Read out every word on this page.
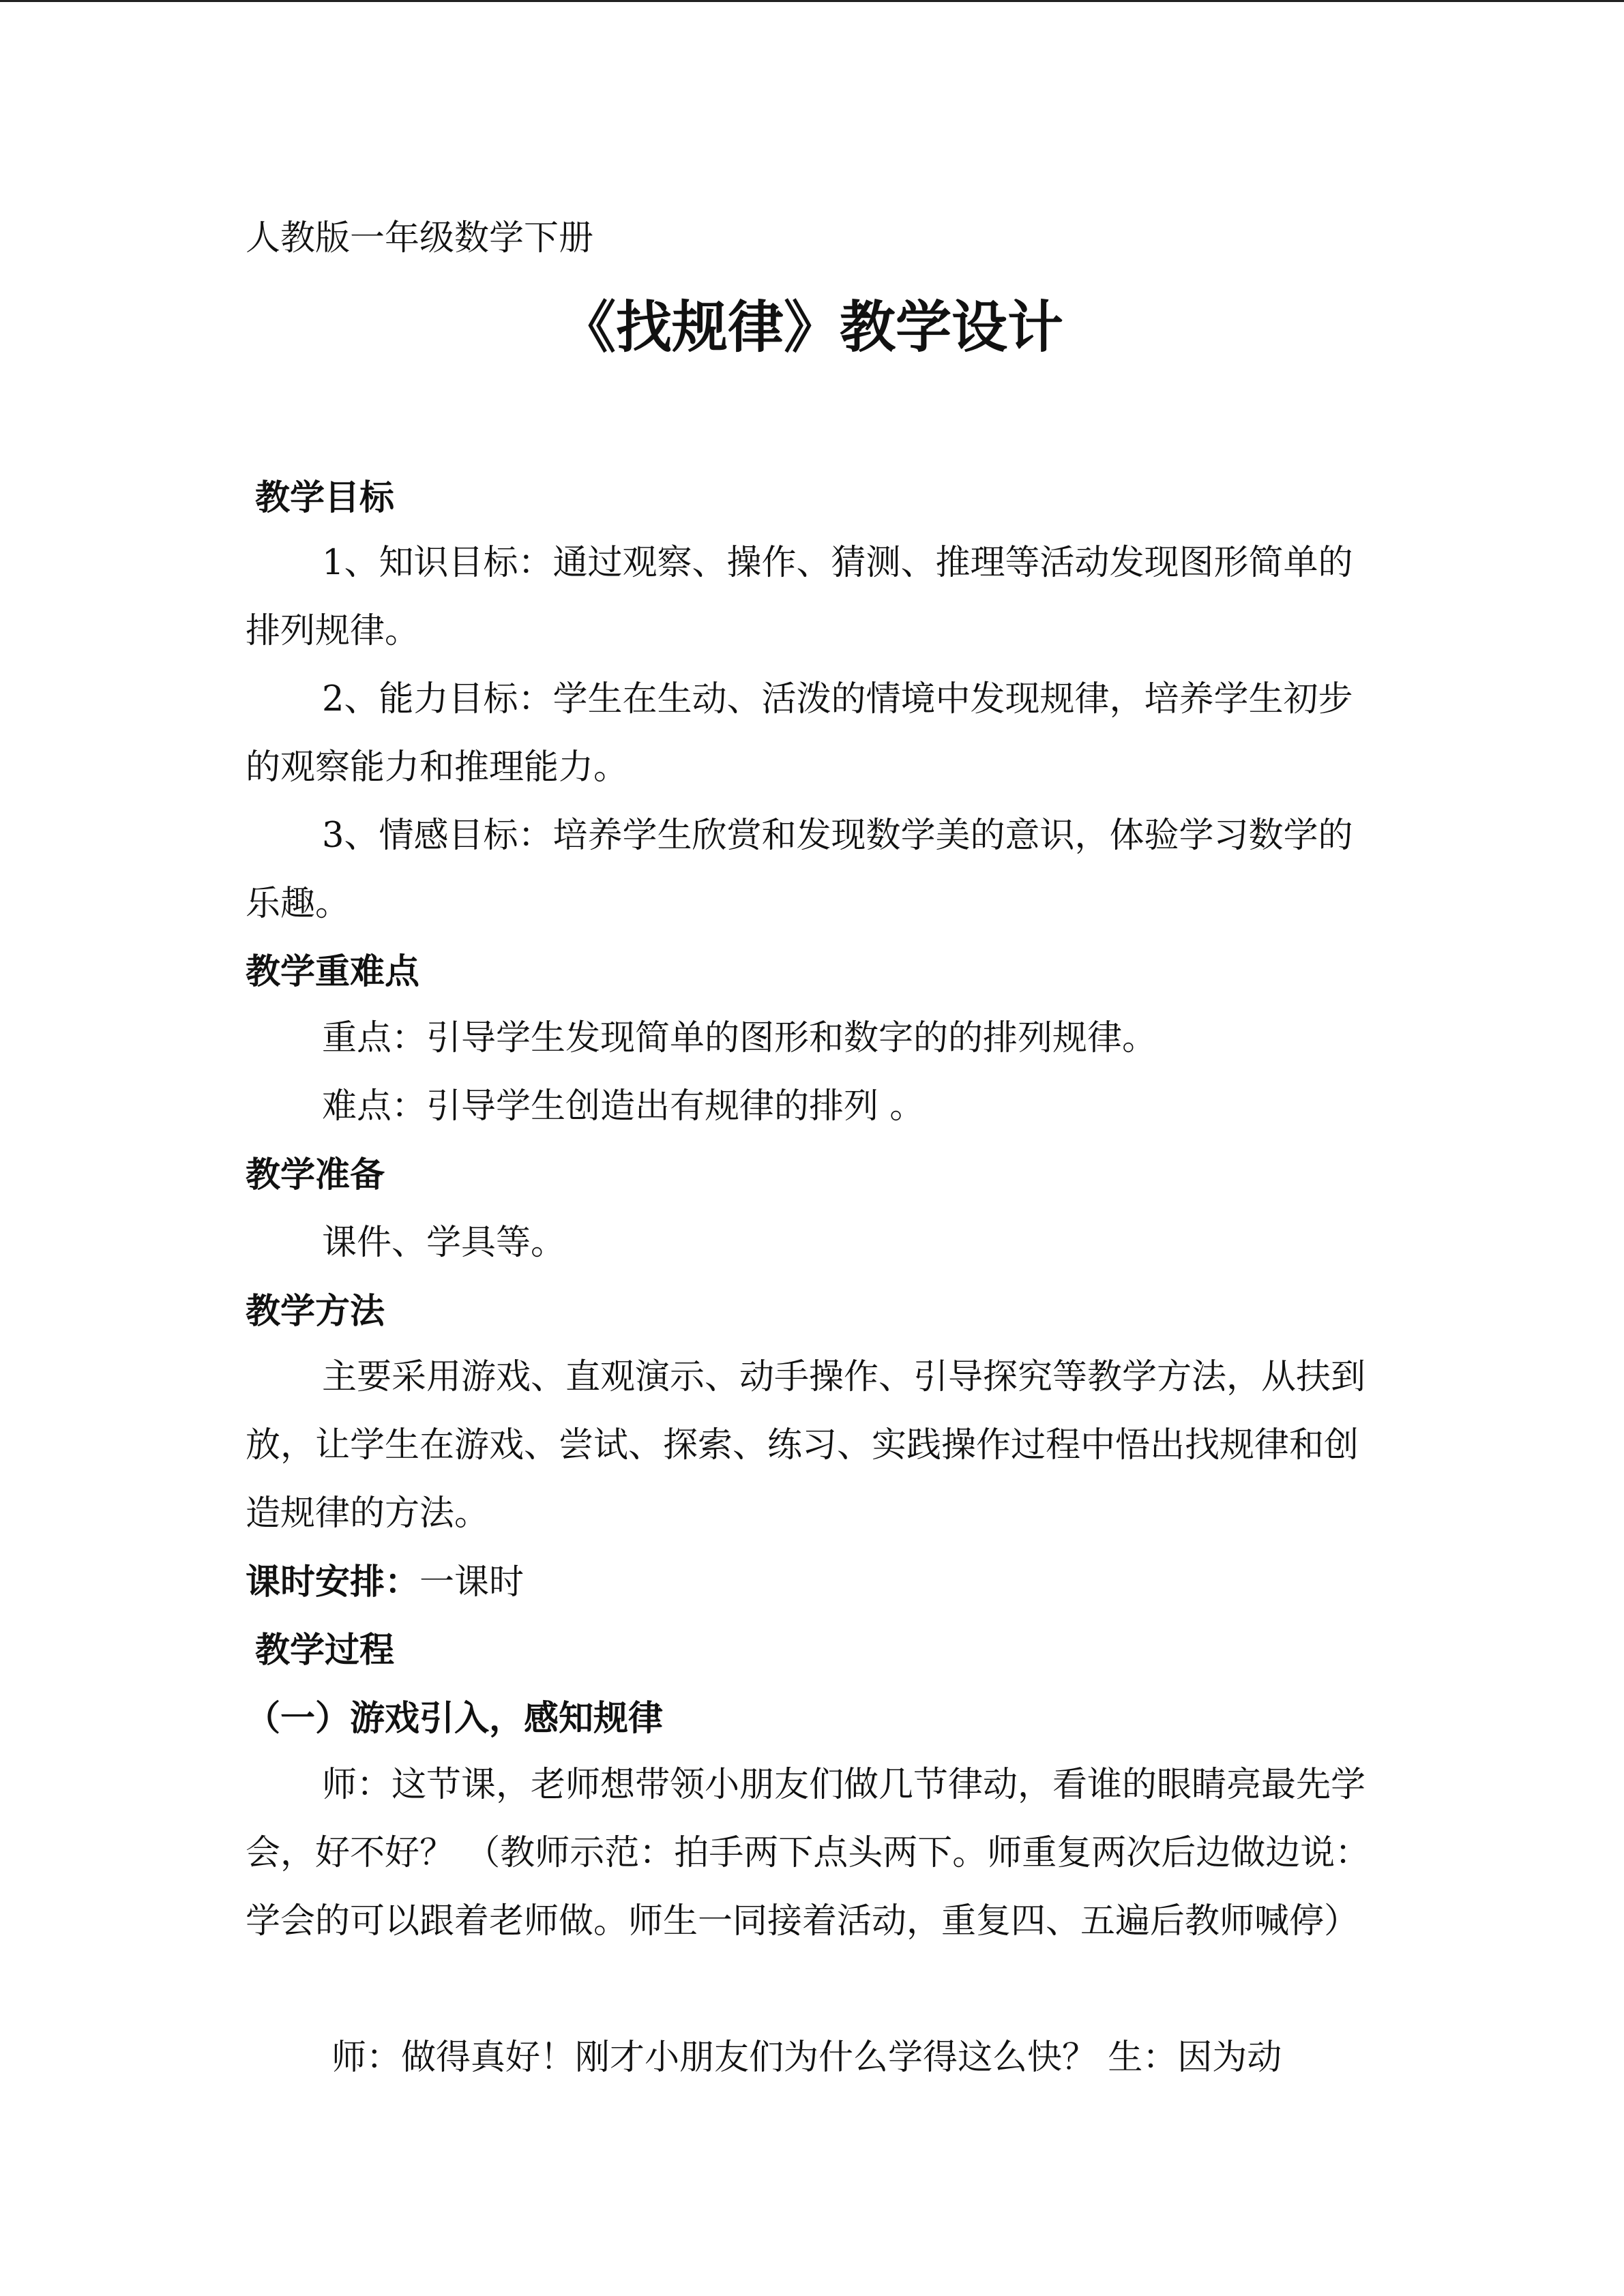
人教版一年级数学下册
《找规律》教学设计
教学目标
1、知识目标：通过观察、操作、猜测、推理等活动发现图形简单的排列规律。
2、能力目标：学生在生动、活泼的情境中发现规律，培养学生初步的观察能力和推理能力。
3、情感目标：培养学生欣赏和发现数学美的意识，体验学习数学的乐趣。
教学重难点
重点：引导学生发现简单的图形和数字的的排列规律。
难点：引导学生创造出有规律的排列 。
教学准备
课件、学具等。
教学方法
主要采用游戏、直观演示、动手操作、引导探究等教学方法，从扶到放，让学生在游戏、尝试、探索、练习、实践操作过程中悟出找规律和创造规律的方法。
课时安排：一课时
教学过程
（一）游戏引入，感知规律
师：这节课，老师想带领小朋友们做几节律动，看谁的眼睛亮最先学会，好不好？ （教师示范：拍手两下点头两下。师重复两次后边做边说：学会的可以跟着老师做。师生一同接着活动，重复四、五遍后教师喊停）
师：做得真好！刚才小朋友们为什么学得这么快？ 生：因为动
